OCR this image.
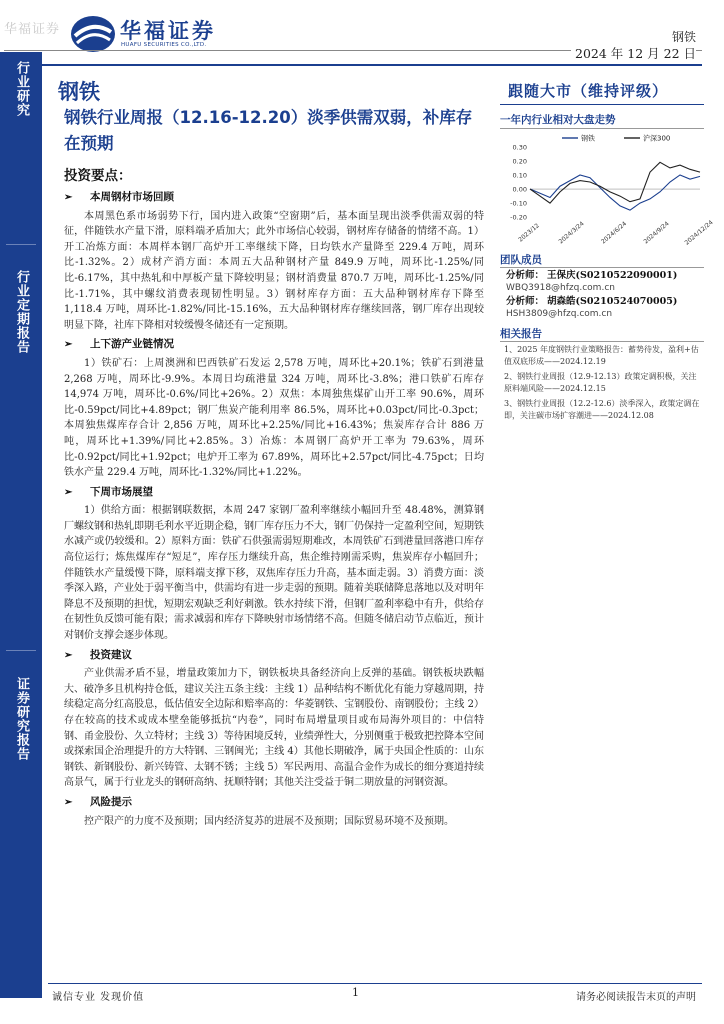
华福证券	华福证券
HUAFU SECURITIES CO.,LTD.
钢铁
2024 年 12 月 22 日
行业研究
行业定期报告
证券研究报告
钢铁
钢铁行业周报（12.16-12.20）淡季供需双弱，补库存在预期
投资要点：
➢	本周钢材市场回顾

本周黑色系市场弱势下行，国内进入政策“空窗期”后，基本面呈现出淡季供需双弱的特征，伴随铁水产量下滑，原料端矛盾加大；此外市场信心较弱，钢材库存储备的情绪不高。1）开工冶炼方面：本周样本钢厂高炉开工率继续下降，日均铁水产量降至 229.4 万吨，周环比-1.32%。2）成材产消方面：本周五大品种钢材产量 849.9 万吨，周环比-1.25%/同比-6.17%，其中热轧和中厚板产量下降较明显；钢材消费量 870.7 万吨，周环比-1.25%/同比-1.71%，其中螺纹消费表现韧性明显。3）钢材库存方面：五大品种钢材库存下降至 1,118.4 万吨，周环比-1.82%/同比-15.16%，五大品种钢材库存继续回落，钢厂库存出现较明显下降，社库下降相对较缓慢冬储还有一定预期。

➢	上下游产业链情况

1）铁矿石：上周澳洲和巴西铁矿石发运 2,578 万吨，周环比+20.1%；铁矿石到港量 2,268 万吨，周环比-9.9%。本周日均疏港量 324 万吨，周环比-3.8%；港口铁矿石库存 14,974 万吨，周环比-0.6%/同比+26%。2）双焦：本周独焦煤矿山开工率 90.6%，周环比-0.59pct/同比+4.89pct；钢厂焦炭产能利用率 86.5%，周环比+0.03pct/同比-0.3pct；本周独焦煤库存合计 2,856 万吨，周环比+2.25%/同比+16.43%；焦炭库存合计 886 万吨，周环比+1.39%/同比+2.85%。3）冶炼：本周钢厂高炉开工率为 79.63%，周环比-0.92pct/同比+1.92pct；电炉开工率为 67.89%，周环比+2.57pct/同比-4.75pct；日均铁水产量 229.4 万吨，周环比-1.32%/同比+1.22%。

➢	下周市场展望

1）供给方面：根据钢联数据，本周 247 家钢厂盈利率继续小幅回升至 48.48%，测算钢厂螺纹钢和热轧即期毛利水平近期企稳，钢厂库存压力不大，钢厂仍保持一定盈利空间，短期铁水减产或仍较缓和。2）原料方面：铁矿石供强需弱短期难改，本周铁矿石到港量回落港口库存高位运行；炼焦煤库存“短足”，库存压力继续升高，焦企维持刚需采购，焦炭库存小幅回升；伴随铁水产量缓慢下降，原料端支撑下移，双焦库存压力升高，基本面走弱。3）消费方面：淡季深入路，产业处于弱平衡当中，供需均有进一步走弱的预期。随着美联储降息落地以及对明年降息不及预期的担忧，短期宏观缺乏利好刺激。铁水持续下滑，但钢厂盈利率稳中有升，供给存在韧性负反馈可能有限；需求减弱和库存下降映射市场情绪不高。但随冬储启动节点临近，预计对钢价支撑会逐步体现。

➢	投资建议

产业供需矛盾不显，增量政策加力下，钢铁板块具备经济向上反弹的基础。钢铁板块跌幅大、破净多且机构持仓低，建议关注五条主线：主线 1）品种结构不断优化有能力穿越周期，持续稳定高分红高股息，低估值安全边际和赔率高的：华菱钢铁、宝钢股份、南钢股份；主线 2）存在较高的技术或成本壁垒能够抵抗“内卷”，同时布局增量项目或布局海外项目的：中信特钢、甬金股份、久立特材；主线 3）等待困境反转，业绩弹性大，分别侧重于极致把控降本空间或探索国企治理提升的方大特钢、三钢闽光；主线 4）其他长期破净，属于央国企性质的：山东钢铁、新钢股份、新兴铸管、太钢不锈；主线 5）军民两用、高温合金作为成长的细分赛道持续高景气，属于行业龙头的钢研高纳、抚顺特钢；其他关注受益于铜二期放量的河钢资源。

➢	风险提示

控产限产的力度不及预期；国内经济复苏的进展不及预期；国际贸易环境不及预期。

跟随大市（维持评级）
一年内行业相对大盘走势
0.30
0.20
0.10
0.00
-0.10
-0.20
2023/12	2024/3/24 2024/6/24 2024/9/24 2024/12/24
钢铁	沪深300
团队成员
分析师： 王保庆(S0210522090001)
WBQ3918@hfzq.com.cn
分析师： 胡森皓(S0210524070005)
HSH3809@hfzq.com.cn
相关报告
1、2025 年度钢铁行业策略报告：蓄势待发，盈利+估值双底形成——2024.12.19
2、钢铁行业周报（12.9-12.13）政策定调积极，关注原料端风险——2024.12.15
3、钢铁行业周报（12.2-12.6）淡季深入，政策定调在即，关注碳市场扩容潮进——2024.12.08
诚信专业 发现价值	1	请务必阅读报告末页的声明
